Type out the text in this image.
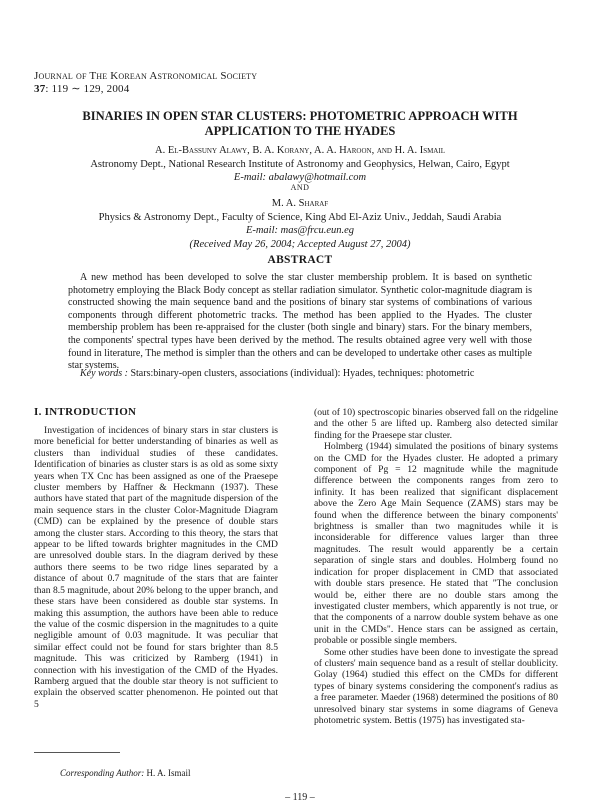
Journal of The Korean Astronomical Society
37: 119 ∼ 129, 2004
BINARIES IN OPEN STAR CLUSTERS: PHOTOMETRIC APPROACH WITH
APPLICATION TO THE HYADES
A. El-Bassuny Alawy, B. A. Korany, A. A. Haroon, and H. A. Ismail
Astronomy Dept., National Research Institute of Astronomy and Geophysics, Helwan, Cairo, Egypt
E-mail: abalawy@hotmail.com
AND
M. A. Sharaf
Physics & Astronomy Dept., Faculty of Science, King Abd El-Aziz Univ., Jeddah, Saudi Arabia
E-mail: mas@frcu.eun.eg
(Received May 26, 2004; Accepted August 27, 2004)
ABSTRACT
A new method has been developed to solve the star cluster membership problem. It is based on synthetic photometry employing the Black Body concept as stellar radiation simulator. Synthetic color-magnitude diagram is constructed showing the main sequence band and the positions of binary star systems of combinations of various components through different photometric tracks. The method has been applied to the Hyades. The cluster membership problem has been re-appraised for the cluster (both single and binary) stars. For the binary members, the components' spectral types have been derived by the method. The results obtained agree very well with those found in literature, The method is simpler than the others and can be developed to undertake other cases as multiple star systems.
Key words : Stars:binary-open clusters, associations (individual): Hyades, techniques: photometric
I. INTRODUCTION

Investigation of incidences of binary stars in star clusters is more beneficial for better understanding of binaries as well as clusters than individual studies of these candidates. Identification of binaries as cluster stars is as old as some sixty years when TX Cnc has been assigned as one of the Praesepe cluster members by Haffner & Heckmann (1937). These authors have stated that part of the magnitude dispersion of the main sequence stars in the cluster Color-Magnitude Diagram (CMD) can be explained by the presence of double stars among the cluster stars. According to this theory, the stars that appear to be lifted towards brighter magnitudes in the CMD are unresolved double stars. In the diagram derived by these authors there seems to be two ridge lines separated by a distance of about 0.7 magnitude of the stars that are fainter than 8.5 magnitude, about 20% belong to the upper branch, and these stars have been considered as double star systems. In making this assumption, the authors have been able to reduce the value of the cosmic dispersion in the magnitudes to a quite negligible amount of 0.03 magnitude. It was peculiar that similar effect could not be found for stars brighter than 8.5 magnitude. This was criticized by Ramberg (1941) in connection with his investigation of the CMD of the Hyades. Ramberg argued that the double star theory is not sufficient to explain the observed scatter phenomenon. He pointed out that 5

(out of 10) spectroscopic binaries observed fall on the ridgeline and the other 5 are lifted up. Ramberg also detected similar finding for the Praesepe star cluster.

Holmberg (1944) simulated the positions of binary systems on the CMD for the Hyades cluster. He adopted a primary component of Pg = 12 magnitude while the magnitude difference between the components ranges from zero to infinity. It has been realized that significant displacement above the Zero Age Main Sequence (ZAMS) stars may be found when the difference between the binary components' brightness is smaller than two magnitudes while it is inconsiderable for difference values larger than three magnitudes. The result would apparently be a certain separation of single stars and doubles. Holmberg found no indication for proper displacement in CMD that associated with double stars presence. He stated that "The conclusion would be, either there are no double stars among the investigated cluster members, which apparently is not true, or that the components of a narrow double system behave as one unit in the CMDs". Hence stars can be assigned as certain, probable or possible single members.

Some other studies have been done to investigate the spread of clusters' main sequence band as a result of stellar doublicity. Golay (1964) studied this effect on the CMDs for different types of binary systems considering the component's radius as a free parameter. Maeder (1968) determined the positions of 80 unresolved binary star systems in some diagrams of Geneva photometric system. Bettis (1975) has investigated sta-

Corresponding Author: H. A. Ismail
– 119 –
